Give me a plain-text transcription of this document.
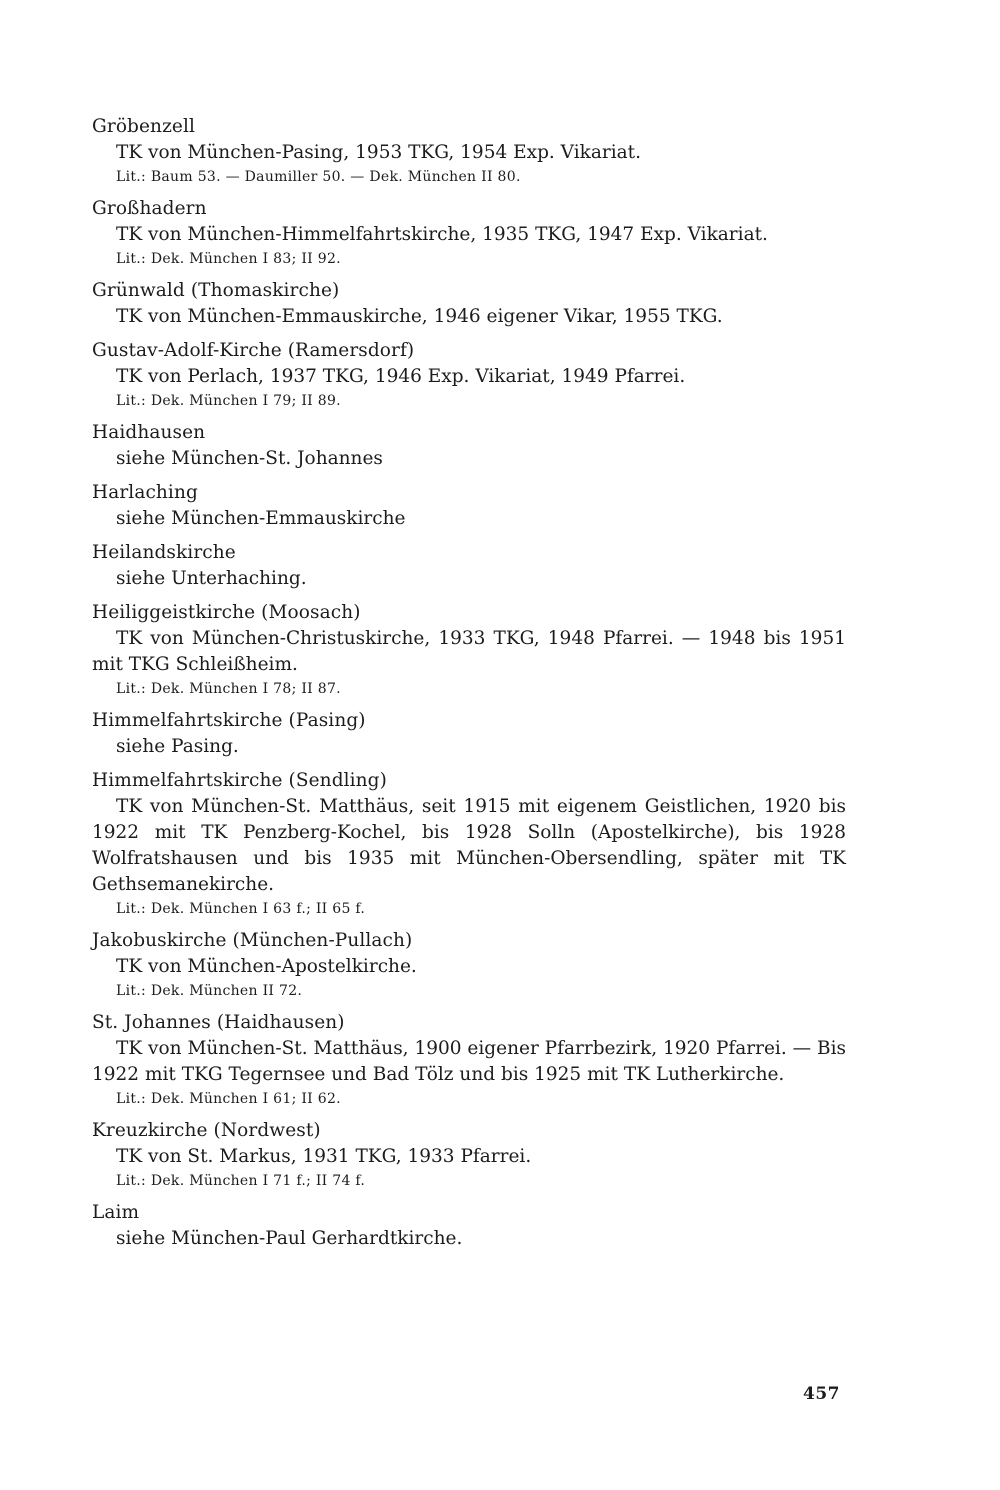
Gröbenzell
TK von München-Pasing, 1953 TKG, 1954 Exp. Vikariat.
Lit.: Baum 53. — Daumiller 50. — Dek. München II 80.
Großhadern
TK von München-Himmelfahrtskirche, 1935 TKG, 1947 Exp. Vikariat.
Lit.: Dek. München I 83; II 92.
Grünwald (Thomaskirche)
TK von München-Emmauskirche, 1946 eigener Vikar, 1955 TKG.
Gustav-Adolf-Kirche (Ramersdorf)
TK von Perlach, 1937 TKG, 1946 Exp. Vikariat, 1949 Pfarrei.
Lit.: Dek. München I 79; II 89.
Haidhausen
siehe München-St. Johannes
Harlaching
siehe München-Emmauskirche
Heilandskirche
siehe Unterhaching.
Heiliggeistkirche (Moosach)
TK von München-Christuskirche, 1933 TKG, 1948 Pfarrei. — 1948 bis 1951 mit TKG Schleißheim.
Lit.: Dek. München I 78; II 87.
Himmelfahrtskirche (Pasing)
siehe Pasing.
Himmelfahrtskirche (Sendling)
TK von München-St. Matthäus, seit 1915 mit eigenem Geistlichen, 1920 bis 1922 mit TK Penzberg-Kochel, bis 1928 Solln (Apostelkirche), bis 1928 Wolfratshausen und bis 1935 mit München-Obersendling, später mit TK Gethsemanekirche.
Lit.: Dek. München I 63 f.; II 65 f.
Jakobuskirche (München-Pullach)
TK von München-Apostelkirche.
Lit.: Dek. München II 72.
St. Johannes (Haidhausen)
TK von München-St. Matthäus, 1900 eigener Pfarrbezirk, 1920 Pfarrei. — Bis 1922 mit TKG Tegernsee und Bad Tölz und bis 1925 mit TK Lutherkirche.
Lit.: Dek. München I 61; II 62.
Kreuzkirche (Nordwest)
TK von St. Markus, 1931 TKG, 1933 Pfarrei.
Lit.: Dek. München I 71 f.; II 74 f.
Laim
siehe München-Paul Gerhardtkirche.
457
